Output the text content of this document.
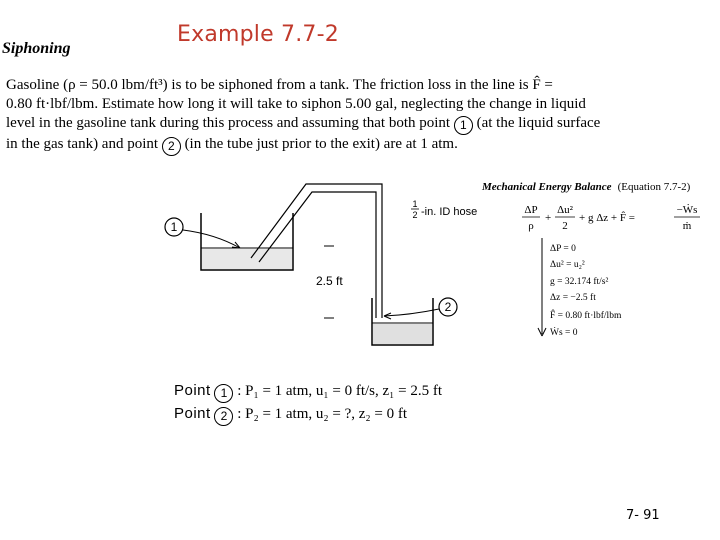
Example 7.7-2
Siphoning

Gasoline (ρ = 50.0 lbm/ft³) is to be siphoned from a tank. The friction loss in the line is F̂ =

0.80 ft·lbf/lbm. Estimate how long it will take to siphon 5.00 gal, neglecting the change in liquid

level in the gasoline tank during this process and assuming that both point 1 (at the liquid surface

in the gas tank) and point 2 (in the tube just prior to the exit) are at 1 atm.

1
2
2.5 ft
1
2 -in. ID hose	ΔP
ρ
+
Δu²
2
+ g Δz + F̂ =
−Ẇs
ṁ
ΔP = 0
Δu² = u₂²
g = 32.174 ft/s²
Δz = −2.5 ft
F̂ = 0.80 ft·lbf/lbm
Ẇs = 0
Mechanical Energy Balance (Equation 7.7-2)
Point 1 : P₁ = 1 atm, u₁ = 0 ft/s, z₁ = 2.5 ft
Point 2 : P₂ = 1 atm, u₂ = ?, z₂ = 0 ft
7- 91
